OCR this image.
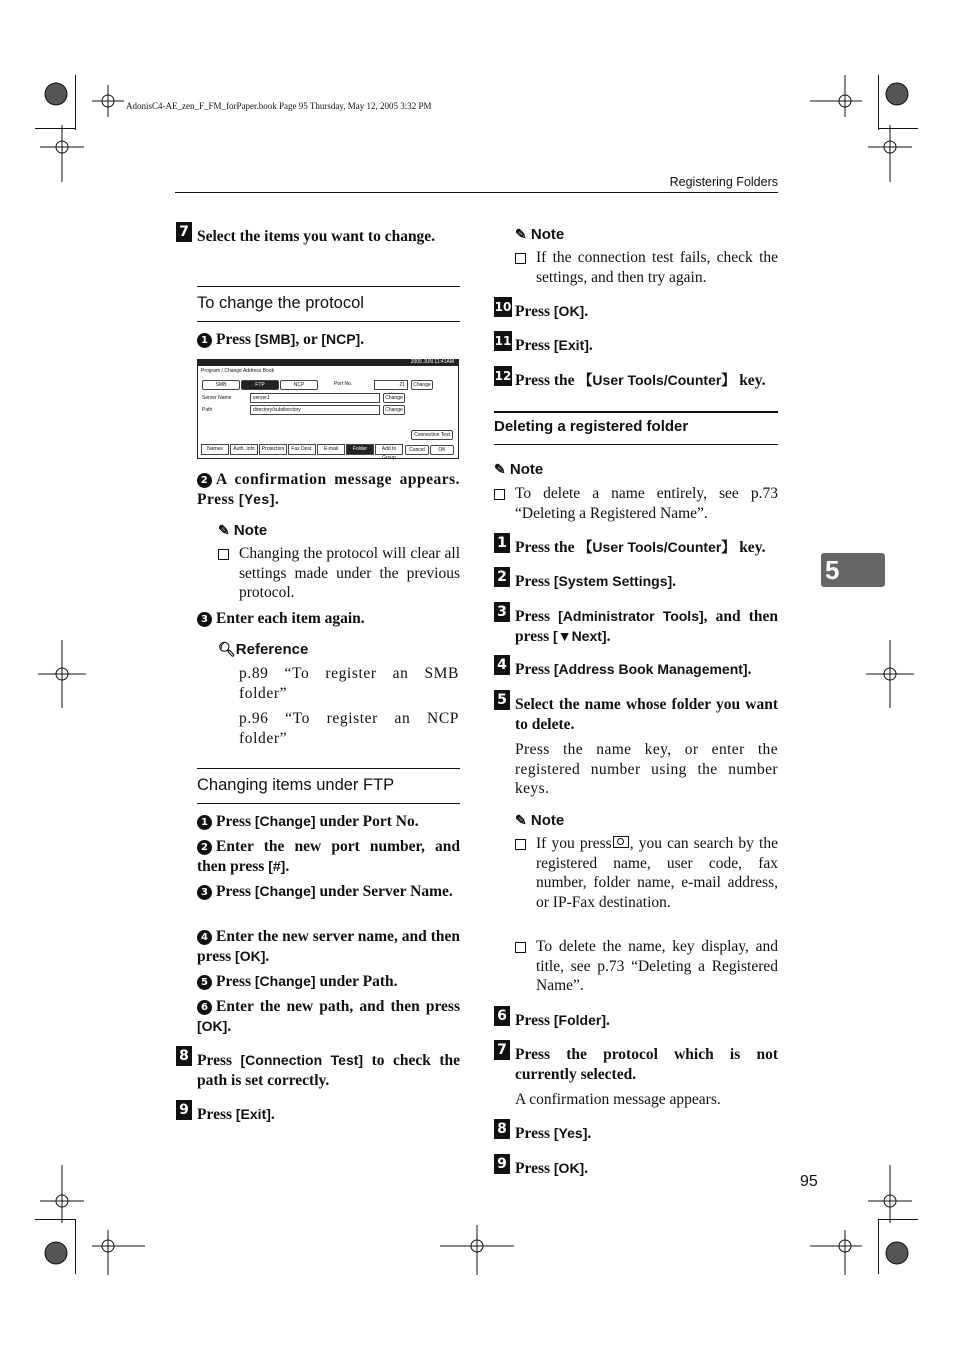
AdonisC4-AE_zen_F_FM_forPaper.book Page 95 Thursday, May 12, 2005 3:32 PM
Registering Folders
5
95
7 Select the items you want to change.
To change the protocol
1 Press [SMB], or [NCP].
2005 JUN 11:41AM
Program / Change Address Book
SMB	FTP	NCP	Port No.	21	Change
Server Name	server1	Change
Path	directory/subdirectory	Change
Connection Test
Names	Auth. Info	Protection	Fax Dest.	E-mail	Folder	Add to Group
Cancel	OK
2 A confirmation message appears. Press [Yes].
✎ Note
Changing the protocol will clear all settings made under the previous protocol.
3 Enter each item again.
🔍︎Reference
p.89 “To register an SMB folder”
p.96 “To register an NCP folder”
Changing items under FTP
1 Press [Change] under Port No.
2 Enter the new port number, and then press [#].
3 Press [Change] under Server Name.
4 Enter the new server name, and then press [OK].
5 Press [Change] under Path.
6 Enter the new path, and then press [OK].
8 Press [Connection Test] to check the path is set correctly.
9 Press [Exit].
✎ Note
If the connection test fails, check the settings, and then try again.
10 Press [OK].
11 Press [Exit].
12 Press the 【User Tools/Counter】 key.
Deleting a registered folder
✎ Note
To delete a name entirely, see p.73 “Deleting a Registered Name”.
1 Press the 【User Tools/Counter】 key.
2 Press [System Settings].
3 Press [Administrator Tools], and then press [▼Next].
4 Press [Address Book Management].
5 Select the name whose folder you want to delete.
Press the name key, or enter the registered number using the number keys.
✎ Note
If you press , you can search by the registered name, user code, fax number, folder name, e-mail address, or IP-Fax destination.
To delete the name, key display, and title, see p.73 “Deleting a Registered Name”.
6 Press [Folder].
7 Press the protocol which is not currently selected.
A confirmation message appears.
8 Press [Yes].
9 Press [OK].
